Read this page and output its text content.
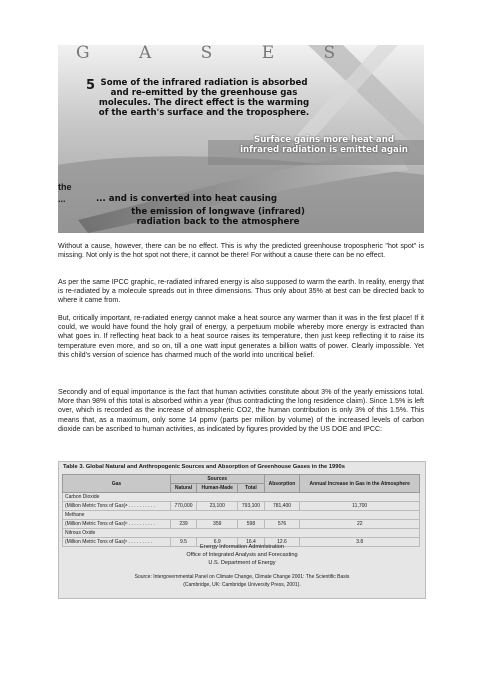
G A S E S
5 Some of the infrared radiation is absorbed and re-emitted by the greenhouse gas molecules. The direct effect is the warming of the earth's surface and the troposphere.
Surface gains more heat and infrared radiation is emitted again
the
...	... and is converted into heat causing
the emission of longwave (infrared) radiation back to the atmosphere

Without a cause, however, there can be no effect. This is why the predicted greenhouse tropospheric "hot spot" is missing. Not only is the hot spot not there, it cannot be there! For without a cause there can be no effect.

As per the same IPCC graphic, re-radiated infrared energy is also supposed to warm the earth. In reality, energy that is re-radiated by a molecule spreads out in three dimensions. Thus only about 35% at best can be directed back to where it came from.

But, critically important, re-radiated energy cannot make a heat source any warmer than it was in the first place! If it could, we would have found the holy grail of energy, a perpetuum mobile whereby more energy is extracted than what goes in. If reflecting heat back to a heat source raises its temperature, then just keep reflecting it to raise its temperature even more, and so on, till a one watt input generates a billion watts of power. Clearly impossible. Yet this child's version of science has charmed much of the world into uncritical belief.

Secondly and of equal importance is the fact that human activities constitute about 3% of the yearly emissions total. More than 98% of this total is absorbed within a year (thus contradicting the long residence claim). Since 1.5% is left over, which is recorded as the increase of atmospheric CO2, the human contribution is only 3% of this 1.5%. This means that, as a maximum, only some 14 ppmv (parts per million by volume) of the increased levels of carbon dioxide can be ascribed to human activities, as indicated by figures provided by the US DOE and IPCC:

Table 3. Global Natural and Anthropogenic Sources and Absorption of Greenhouse Gases in the 1990s
Gas	Sources			Absorption	Annual Increase in Gas in the Atmosphere
	Natural	Human-Made	Total		
Carbon Dioxide					
(Million Metric Tons of Gas)ᵃ . . . . . . . . . .	770,000	23,100	793,100	781,400	11,700
Methane					
(Million Metric Tons of Gas)ᵇ . . . . . . . . . .	239	359	598	576	22
Nitrous Oxide					
(Million Metric Tons of Gas)ᶜ . . . . . . . . .	9.5	6.9	16.4	12.6	3.8
Energy Information Administration
Office of Integrated Analysis and Forecasting
U.S. Department of Energy
Source: Intergovernmental Panel on Climate Change, Climate Change 2001: The Scientific Basis
(Cambridge, UK: Cambridge University Press, 2001).
